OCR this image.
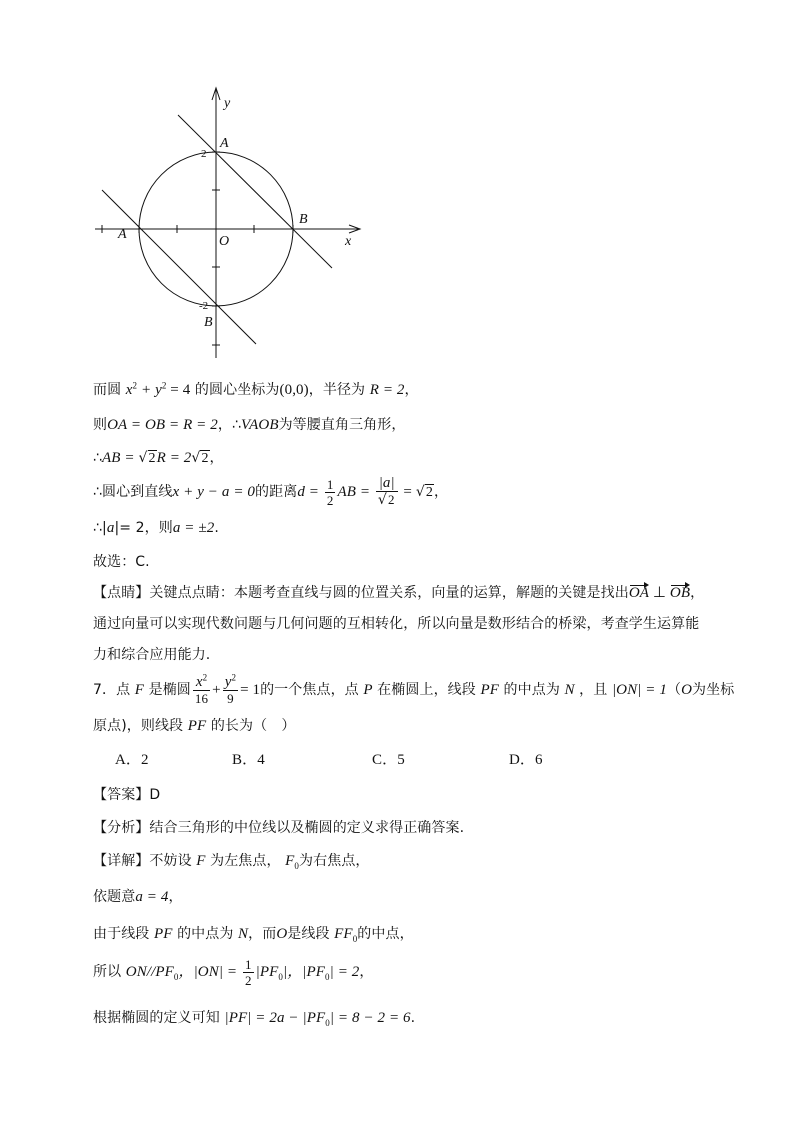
y
A
2
B
A	O	x
-2
B
而圆 $x^2 + y^2 = 4$ 的圆心坐标为(0,0)，半径为 R = 2，
则OA = OB = R = 2，∴VAOB为等腰直角三角形，
∴AB = √2R = 2√2，
∴圆心到直线x + y − a = 0的距离$d = \frac{1}{2}$ AB = $\frac{|a|}{√2} = √2$，
∴|a|= 2，则a = ±2.
故选：C.
【点睛】关键点点睛：本题考查直线与圆的位置关系，向量的运算，解题的关键是找出OA ⊥ OB，
通过向量可以实现代数问题与几何问题的互相转化，所以向量是数形结合的桥梁，考查学生运算能
力和综合应用能力.
7．点 F 是椭圆 $\frac{x^2}{16} + \frac{y^2}{9} = 1$的一个焦点，点 P 在椭圆上，线段 PF 的中点为 N ，且 |ON| = 1（O为坐标
原点)，则线段 PF 的长为（　）
A．2	B．4	C．5	D．6
【答案】D
【分析】结合三角形的中位线以及椭圆的定义求得正确答案.
【详解】不妨设 F 为左焦点， $F_0$为右焦点，
依题意a = 4，
由于线段 PF 的中点为 N，而O是线段 $FF_0$的中点，
所以 $ON//PF_0$，$|ON| = \frac{1}{2} |PF_0|$，$|PF_0| = 2$，
根据椭圆的定义可知 $|PF| = 2a - |PF_0| = 8 - 2 = 6$.
